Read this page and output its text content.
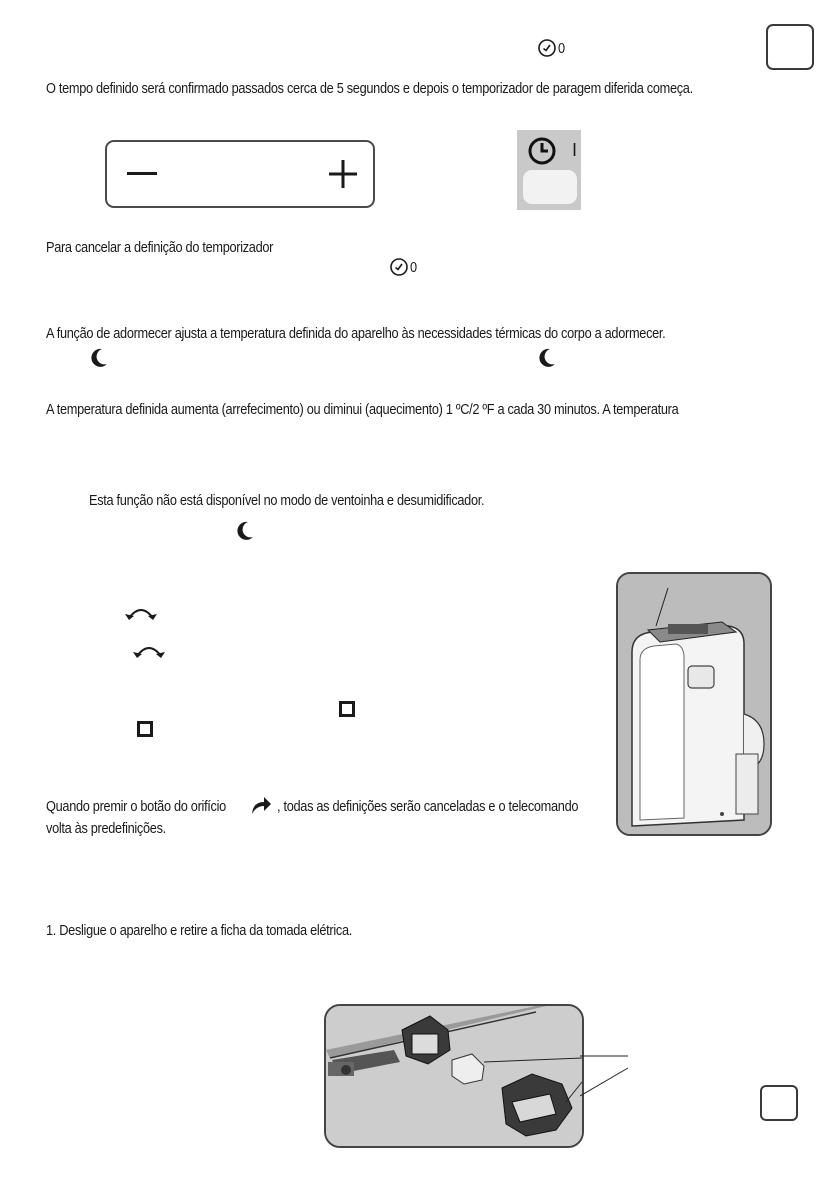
0
O tempo definido será confirmado passados cerca de 5 segundos e depois o temporizador de paragem diferida começa.
I
Para cancelar a definição do temporizador
0
A função de adormecer ajusta a temperatura definida do aparelho às necessidades térmicas do corpo a adormecer.
A temperatura definida aumenta (arrefecimento) ou diminui (aquecimento) 1 ºC/2 ºF a cada 30 minutos. A temperatura
Esta função não está disponível no modo de ventoinha e desumidificador.
Quando premir o botão do orifício	, todas as definições serão canceladas e o telecomando
volta às predefinições.
1. Desligue o aparelho e retire a ficha da tomada elétrica.
